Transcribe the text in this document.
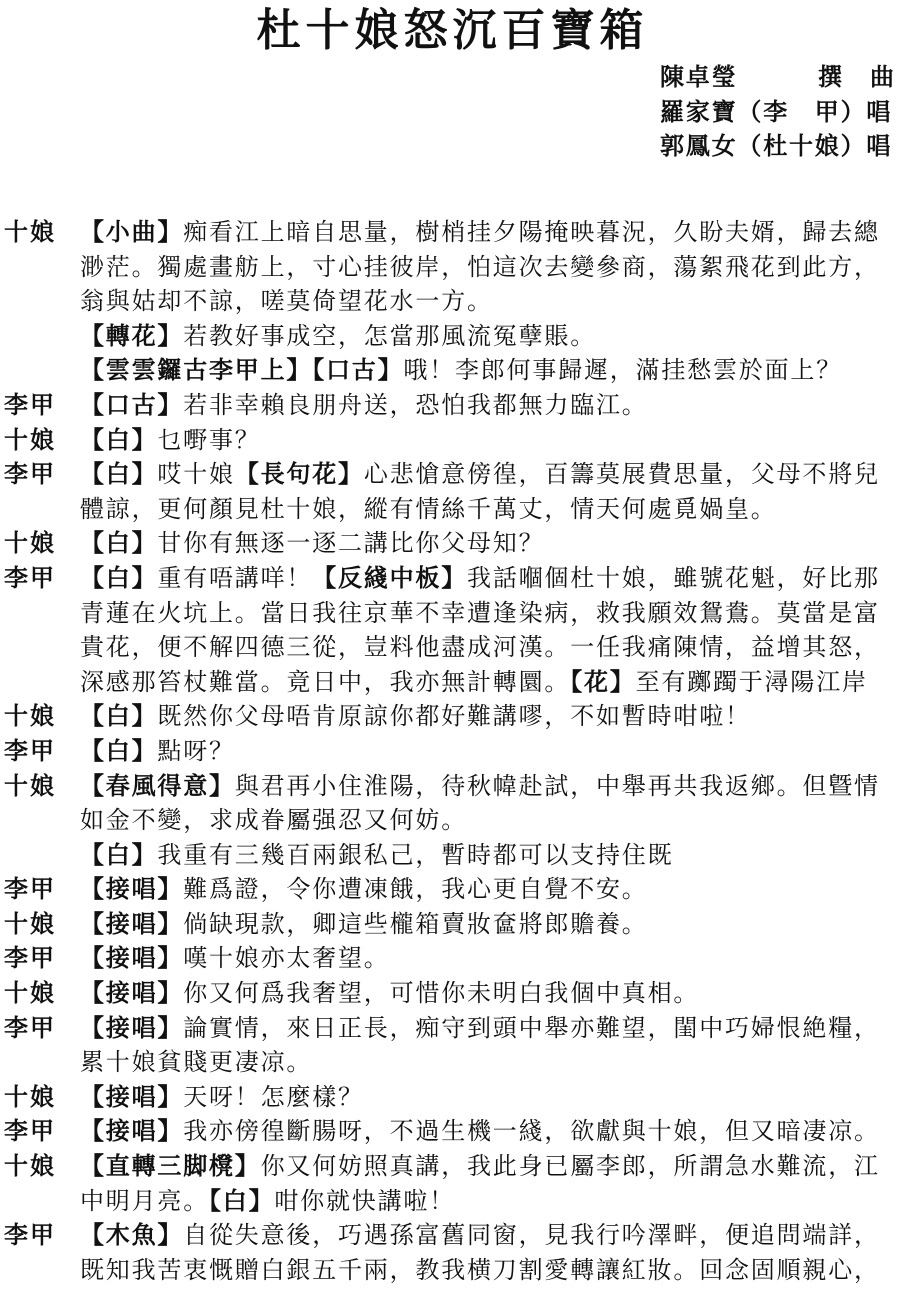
杜十娘怒沉百寶箱
陳卓瑩	撰曲
羅家寶（李　甲）唱
郭鳳女（杜十娘）唱
十娘	【小曲】痴看江上暗自思量，樹梢挂夕陽掩映暮況，久盼夫婿，歸去總
渺茫。獨處畫舫上，寸心挂彼岸，怕這次去變參商，蕩絮飛花到此方，
翁與姑却不諒，嗟莫倚望花水一方。
【轉花】若教好事成空，怎當那風流冤孽賬。
【雲雲鑼古李甲上】【口古】哦！李郎何事歸遲，滿挂愁雲於面上？
李甲	【口古】若非幸賴良朋舟送，恐怕我都無力臨江。
十娘	【白】乜嘢事？
李甲	【白】哎十娘【長句花】心悲愴意傍徨，百籌莫展費思量，父母不將兒
體諒，更何顏見杜十娘，縱有情絲千萬丈，情天何處覓媧皇。
十娘	【白】甘你有無逐一逐二講比你父母知？
李甲	【白】重有唔講咩！【反綫中板】我話嗰個杜十娘，雖號花魁，好比那
青蓮在火坑上。當日我往京華不幸遭逢染病，救我願效鴛鴦。莫當是富
貴花，便不解四德三從，豈料他盡成河漢。一任我痛陳情，益增其怒，
深感那笞杖難當。竟日中，我亦無計轉圜。【花】至有躑躅于潯陽江岸
十娘	【白】既然你父母唔肯原諒你都好難講嘐，不如暫時咁啦！
李甲	【白】點呀？
十娘	【春風得意】與君再小住淮陽，待秋幃赴試，中舉再共我返鄉。但曁情
如金不變，求成眷屬强忍又何妨。
【白】我重有三幾百兩銀私己，暫時都可以支持住既
李甲	【接唱】難爲證，令你遭凍餓，我心更自覺不安。
十娘	【接唱】倘缺現款，卿這些櫳箱賣妝奩將郎贍養。
李甲	【接唱】嘆十娘亦太奢望。
十娘	【接唱】你又何爲我奢望，可惜你未明白我個中真相。
李甲	【接唱】論實情，來日正長，痴守到頭中舉亦難望，閨中巧婦恨絶糧，
累十娘貧賤更凄凉。
十娘	【接唱】天呀！怎麼樣？
李甲	【接唱】我亦傍徨斷腸呀，不過生機一綫，欲獻與十娘，但又暗凄凉。
十娘	【直轉三脚櫈】你又何妨照真講，我此身已屬李郎，所謂急水難流，江
中明月亮。【白】咁你就快講啦！
李甲	【木魚】自從失意後，巧遇孫富舊同窗，見我行吟澤畔，便追問端詳，
既知我苦衷慨贈白銀五千兩，教我横刀割愛轉讓紅妝。回念固順親心，
